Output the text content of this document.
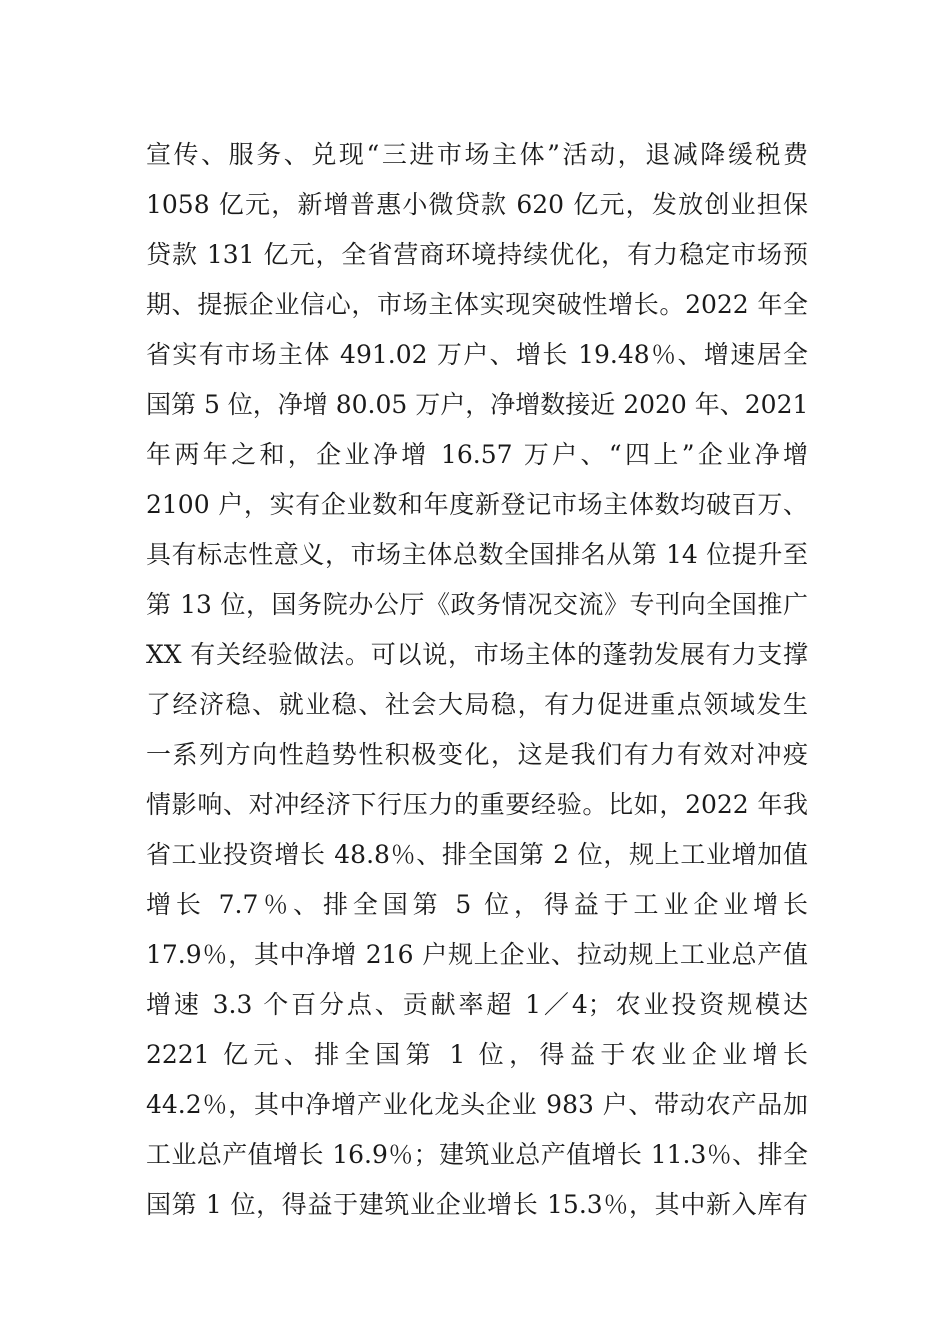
宣传、服务、兑现“三进市场主体”活动，退减降缓税费
1058 亿元，新增普惠小微贷款 620 亿元，发放创业担保
贷款 131 亿元，全省营商环境持续优化，有力稳定市场预
期、提振企业信心，市场主体实现突破性增长。2022 年全
省实有市场主体 491.02 万户、增长 19.48％、增速居全
国第 5 位，净增 80.05 万户，净增数接近 2020 年、2021
年两年之和，企业净增 16.57 万户、“四上”企业净增
2100 户，实有企业数和年度新登记市场主体数均破百万、
具有标志性意义，市场主体总数全国排名从第 14 位提升至
第 13 位，国务院办公厅《政务情况交流》专刊向全国推广
XX 有关经验做法。可以说，市场主体的蓬勃发展有力支撑
了经济稳、就业稳、社会大局稳，有力促进重点领域发生
一系列方向性趋势性积极变化，这是我们有力有效对冲疫
情影响、对冲经济下行压力的重要经验。比如，2022 年我
省工业投资增长 48.8％、排全国第 2 位，规上工业增加值
增长 7.7％、排全国第 5 位，得益于工业企业增长
17.9％，其中净增 216 户规上企业、拉动规上工业总产值
增速 3.3 个百分点、贡献率超 1／4；农业投资规模达
2221 亿元、排全国第 1 位，得益于农业企业增长
44.2％，其中净增产业化龙头企业 983 户、带动农产品加
工业总产值增长 16.9％；建筑业总产值增长 11.3％、排全
国第 1 位，得益于建筑业企业增长 15.3％，其中新入库有
